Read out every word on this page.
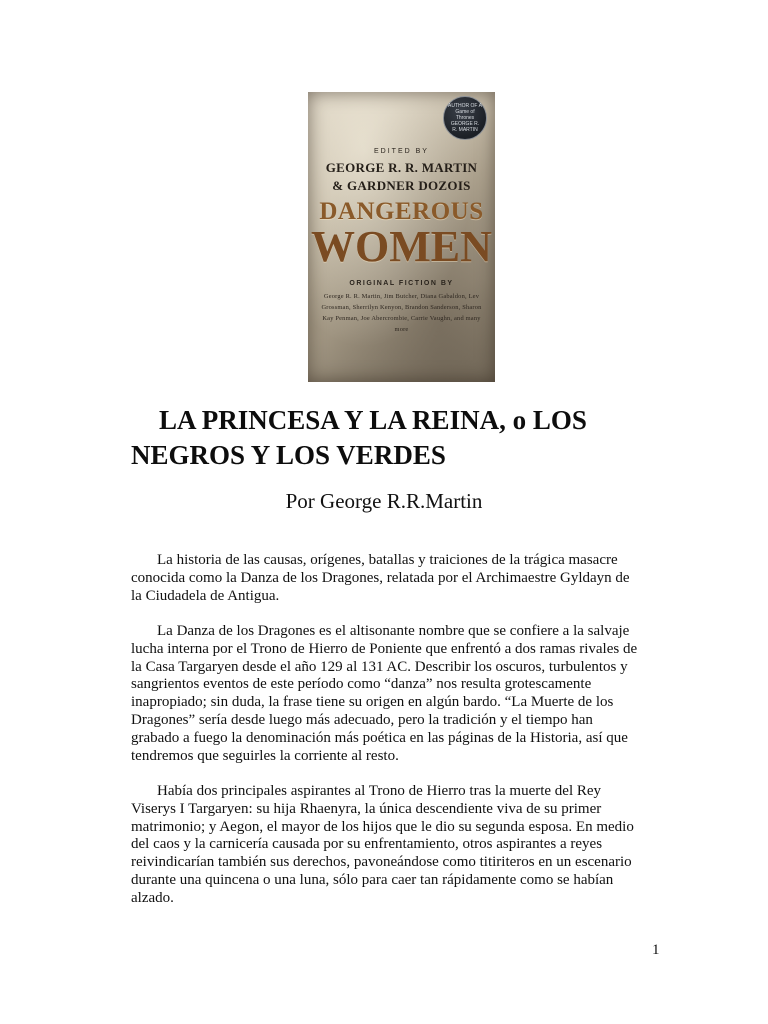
AUTHOR OF A Game of Thrones GEORGE R. R. MARTIN
EDITED BY
GEORGE R. R. MARTIN
& GARDNER DOZOIS
DANGEROUS
WOMEN
ORIGINAL FICTION BY
George R. R. Martin, Jim Butcher, Diana Gabaldon, Lev Grossman, Sherrilyn Kenyon, Brandon Sanderson, Sharon Kay Penman, Joe Abercrombie, Carrie Vaughn, and many more
LA PRINCESA Y LA REINA, o LOS NEGROS Y LOS VERDES

Por George R.R.Martin

La historia de las causas, orígenes, batallas y traiciones de la trágica masacre conocida como la Danza de los Dragones, relatada por el Archimaestre Gyldayn de la Ciudadela de Antigua.

La Danza de los Dragones es el altisonante nombre que se confiere a la salvaje lucha interna por el Trono de Hierro de Poniente que enfrentó a dos ramas rivales de la Casa Targaryen desde el año 129 al 131 AC. Describir los oscuros, turbulentos y sangrientos eventos de este período como “danza” nos resulta grotescamente inapropiado; sin duda, la frase tiene su origen en algún bardo. “La Muerte de los Dragones” sería desde luego más adecuado, pero la tradición y el tiempo han grabado a fuego la denominación más poética en las páginas de la Historia, así que tendremos que seguirles la corriente al resto.

Había dos principales aspirantes al Trono de Hierro tras la muerte del Rey Viserys I Targaryen: su hija Rhaenyra, la única descendiente viva de su primer matrimonio; y Aegon, el mayor de los hijos que le dio su segunda esposa. En medio del caos y la carnicería causada por su enfrentamiento, otros aspirantes a reyes reivindicarían también sus derechos, pavoneándose como titiriteros en un escenario durante una quincena o una luna, sólo para caer tan rápidamente como se habían alzado.

1
